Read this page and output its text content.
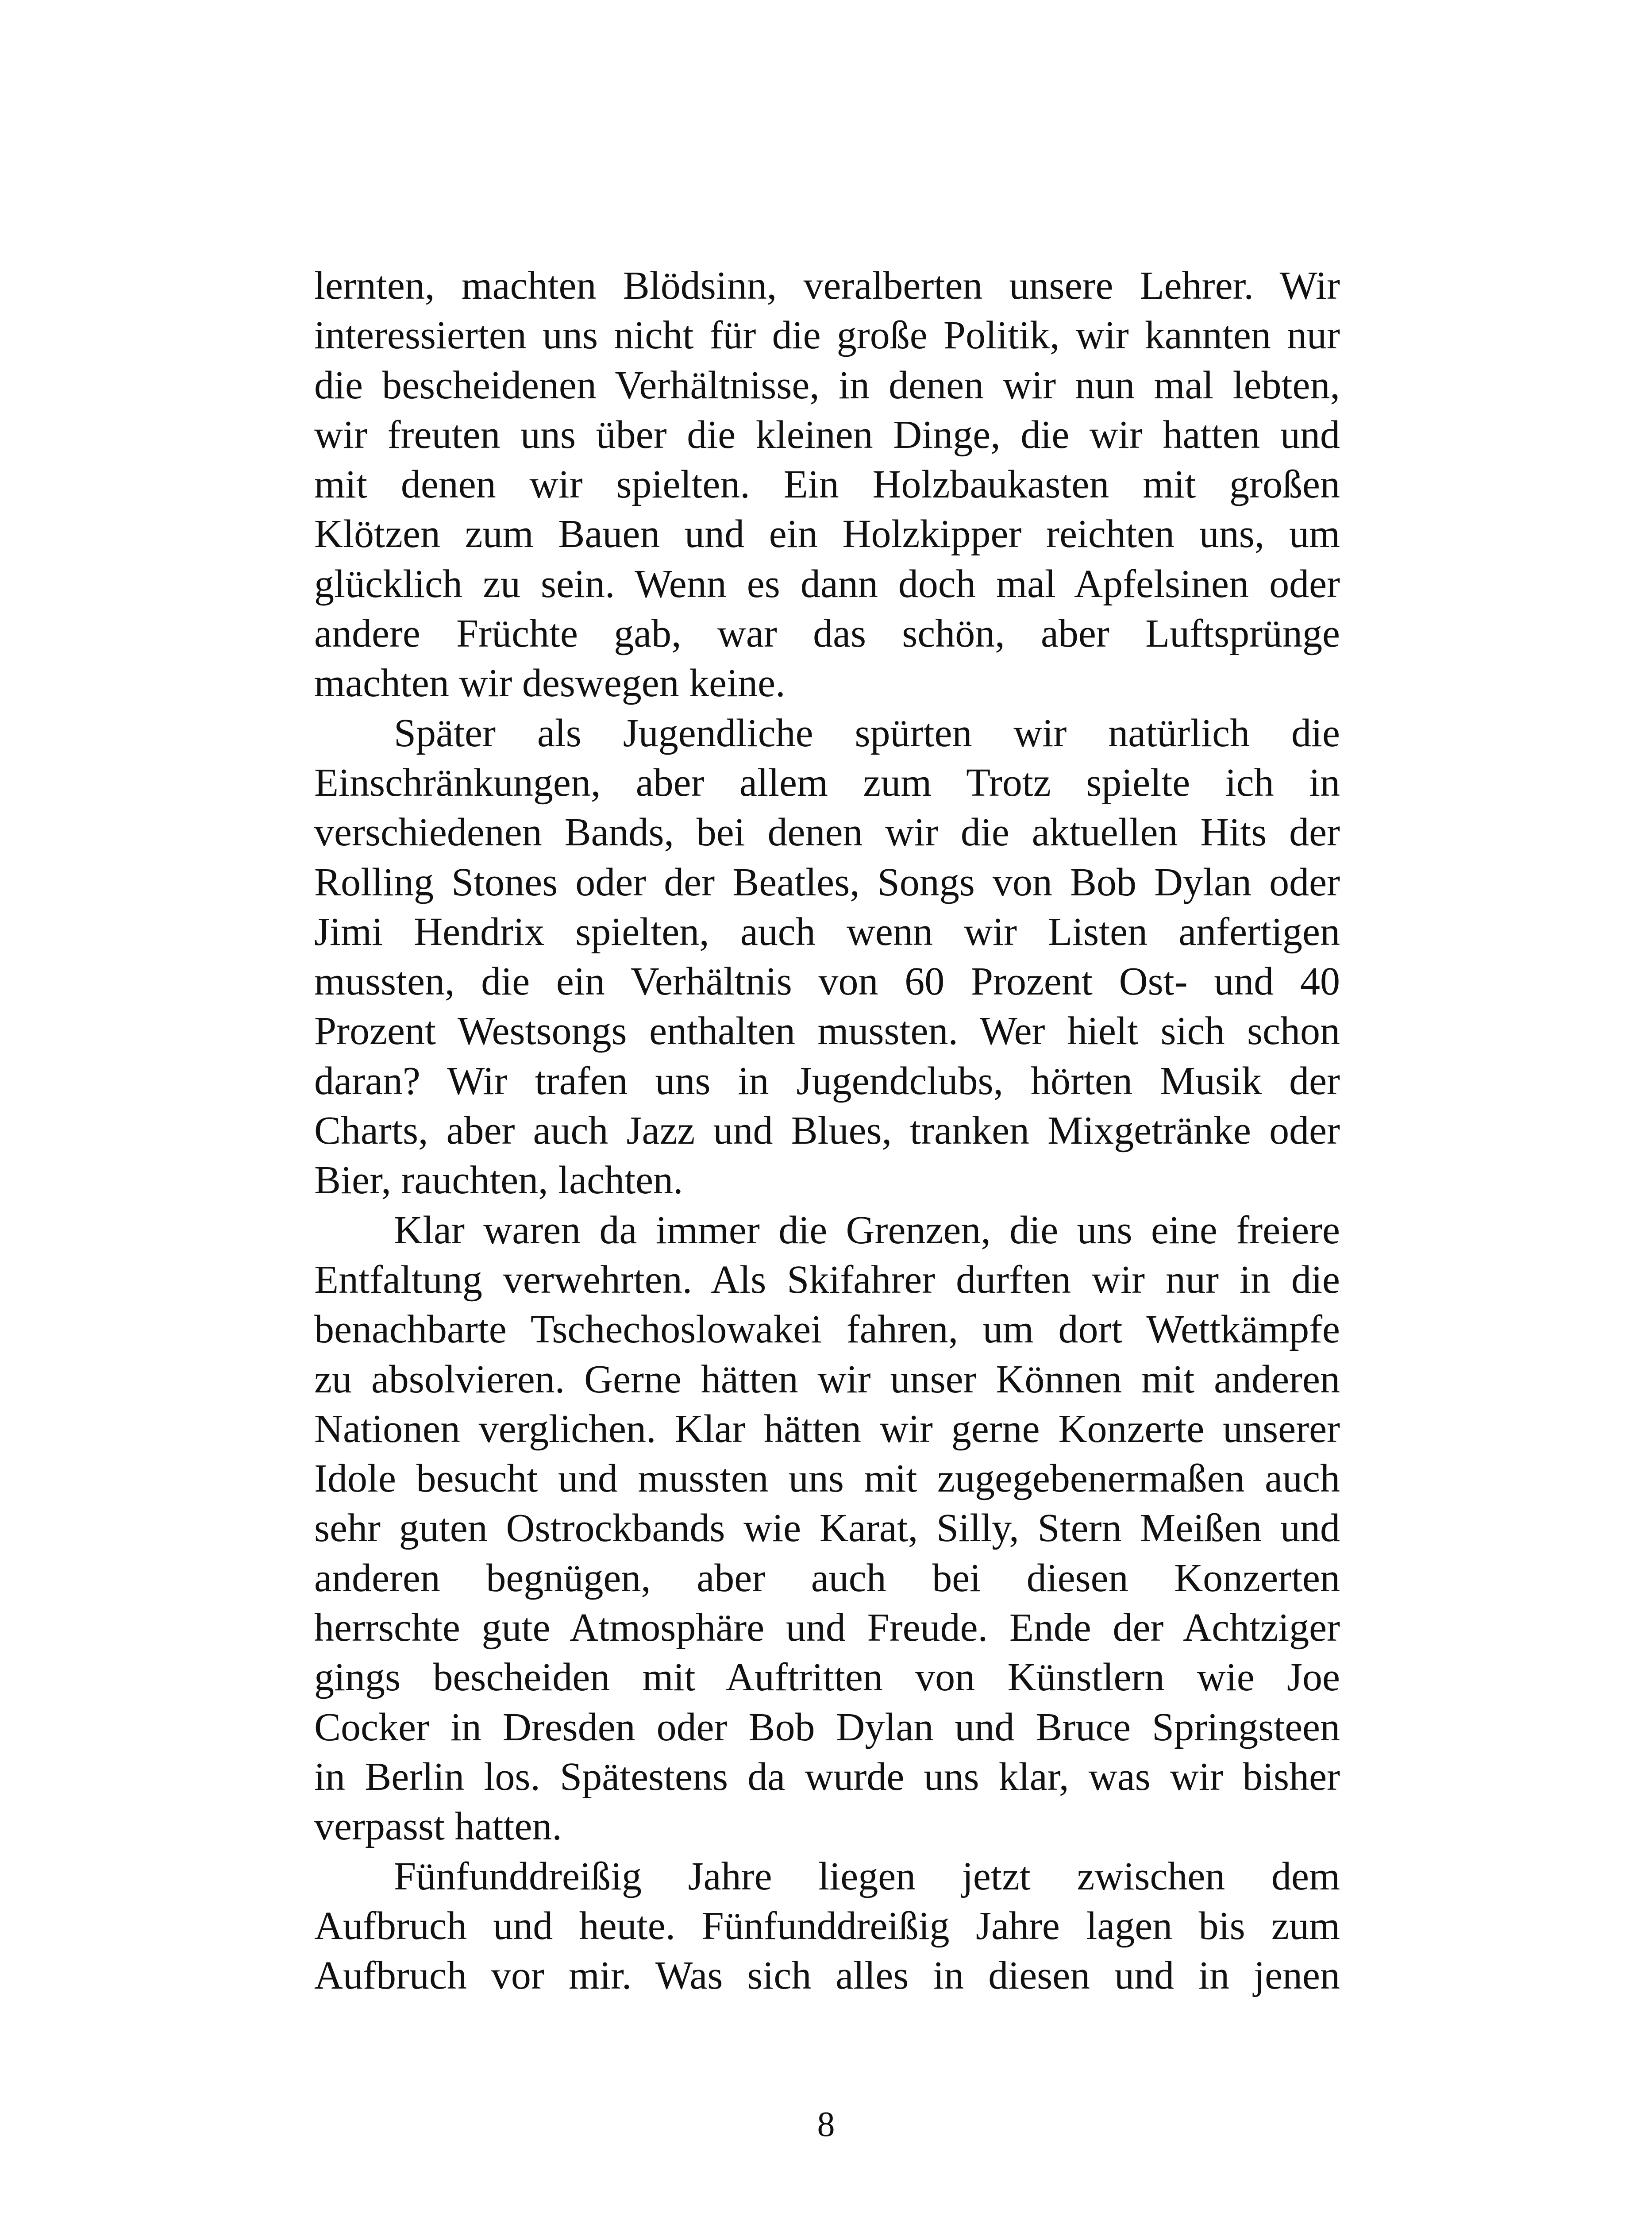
lernten, machten Blödsinn, veralberten unsere Lehrer. Wir
interessierten uns nicht für die große Politik, wir kannten nur
die bescheidenen Verhältnisse, in denen wir nun mal lebten,
wir freuten uns über die kleinen Dinge, die wir hatten und
mit denen wir spielten. Ein Holzbaukasten mit großen
Klötzen zum Bauen und ein Holzkipper reichten uns, um
glücklich zu sein. Wenn es dann doch mal Apfelsinen oder
andere Früchte gab, war das schön, aber Luftsprünge
machten wir deswegen keine.
Später als Jugendliche spürten wir natürlich die
Einschränkungen, aber allem zum Trotz spielte ich in
verschiedenen Bands, bei denen wir die aktuellen Hits der
Rolling Stones oder der Beatles, Songs von Bob Dylan oder
Jimi Hendrix spielten, auch wenn wir Listen anfertigen
mussten, die ein Verhältnis von 60 Prozent Ost- und 40
Prozent Westsongs enthalten mussten. Wer hielt sich schon
daran? Wir trafen uns in Jugendclubs, hörten Musik der
Charts, aber auch Jazz und Blues, tranken Mixgetränke oder
Bier, rauchten, lachten.
Klar waren da immer die Grenzen, die uns eine freiere
Entfaltung verwehrten. Als Skifahrer durften wir nur in die
benachbarte Tschechoslowakei fahren, um dort Wettkämpfe
zu absolvieren. Gerne hätten wir unser Können mit anderen
Nationen verglichen. Klar hätten wir gerne Konzerte unserer
Idole besucht und mussten uns mit zugegebenermaßen auch
sehr guten Ostrockbands wie Karat, Silly, Stern Meißen und
anderen begnügen, aber auch bei diesen Konzerten
herrschte gute Atmosphäre und Freude. Ende der Achtziger
gings bescheiden mit Auftritten von Künstlern wie Joe
Cocker in Dresden oder Bob Dylan und Bruce Springsteen
in Berlin los. Spätestens da wurde uns klar, was wir bisher
verpasst hatten.
Fünfunddreißig Jahre liegen jetzt zwischen dem
Aufbruch und heute. Fünfunddreißig Jahre lagen bis zum
Aufbruch vor mir. Was sich alles in diesen und in jenen
8
